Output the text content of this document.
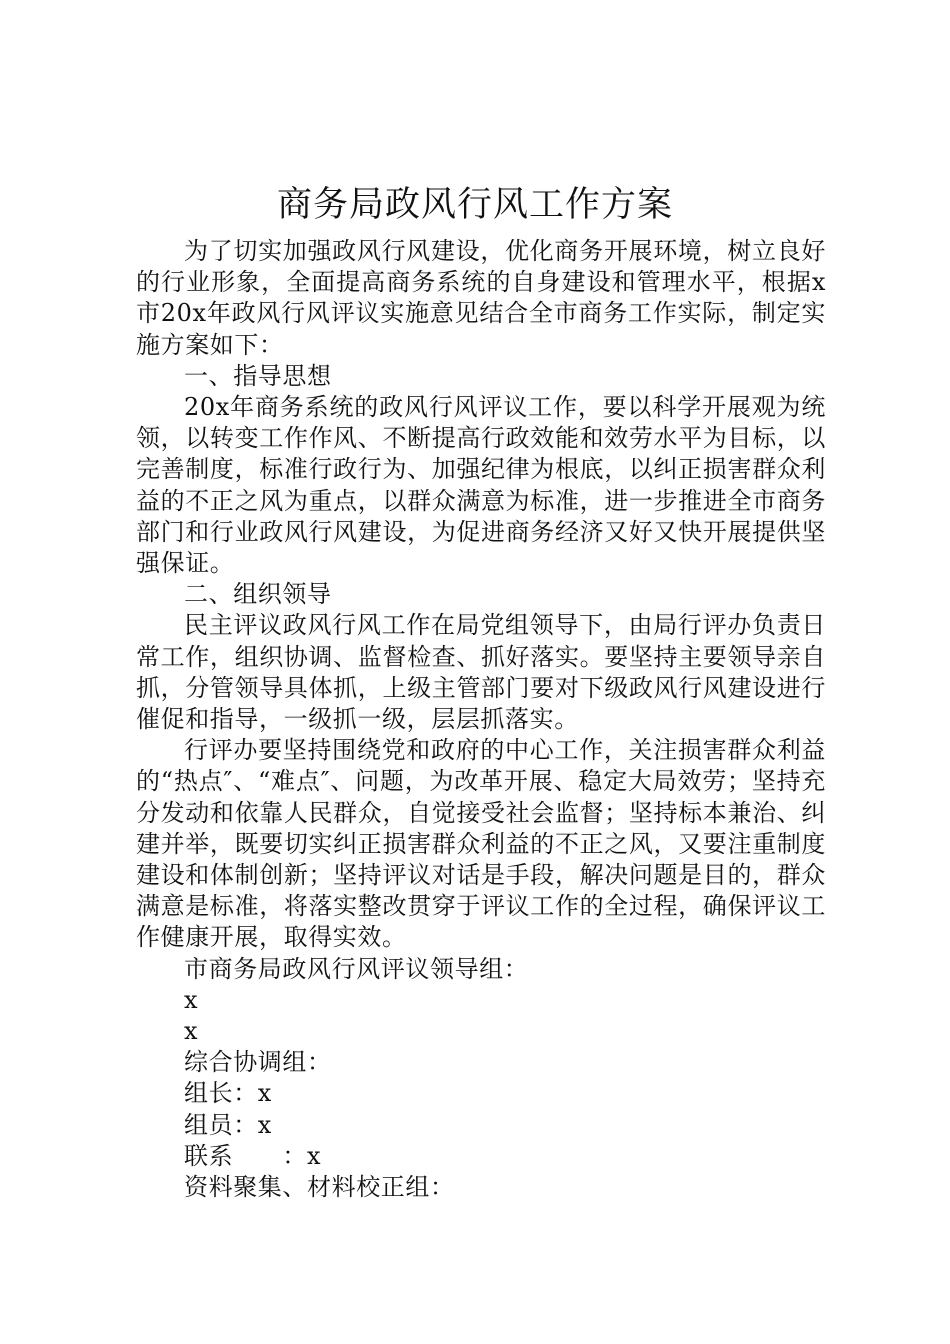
商务局政风行风工作方案

为了切实加强政风行风建设，优化商务开展环境，树立良好的行业形象，全面提高商务系统的自身建设和管理水平，根据x市20x年政风行风评议实施意见结合全市商务工作实际，制定实施方案如下：

一、指导思想

20x年商务系统的政风行风评议工作，要以科学开展观为统领，以转变工作作风、不断提高行政效能和效劳水平为目标，以完善制度，标准行政行为、加强纪律为根底，以纠正损害群众利益的不正之风为重点，以群众满意为标准，进一步推进全市商务部门和行业政风行风建设，为促进商务经济又好又快开展提供坚强保证。

二、组织领导

民主评议政风行风工作在局党组领导下，由局行评办负责日常工作，组织协调、监督检查、抓好落实。要坚持主要领导亲自抓，分管领导具体抓，上级主管部门要对下级政风行风建设进行催促和指导，一级抓一级，层层抓落实。

行评办要坚持围绕党和政府的中心工作，关注损害群众利益的“热点″、“难点″、问题，为改革开展、稳定大局效劳；坚持充分发动和依靠人民群众，自觉接受社会监督；坚持标本兼治、纠建并举，既要切实纠正损害群众利益的不正之风，又要注重制度建设和体制创新；坚持评议对话是手段，解决问题是目的，群众满意是标准，将落实整改贯穿于评议工作的全过程，确保评议工作健康开展，取得实效。

市商务局政风行风评议领导组：

x

x

综合协调组：

组长：x

组员：x

联系　　：x

资料聚集、材料校正组：
